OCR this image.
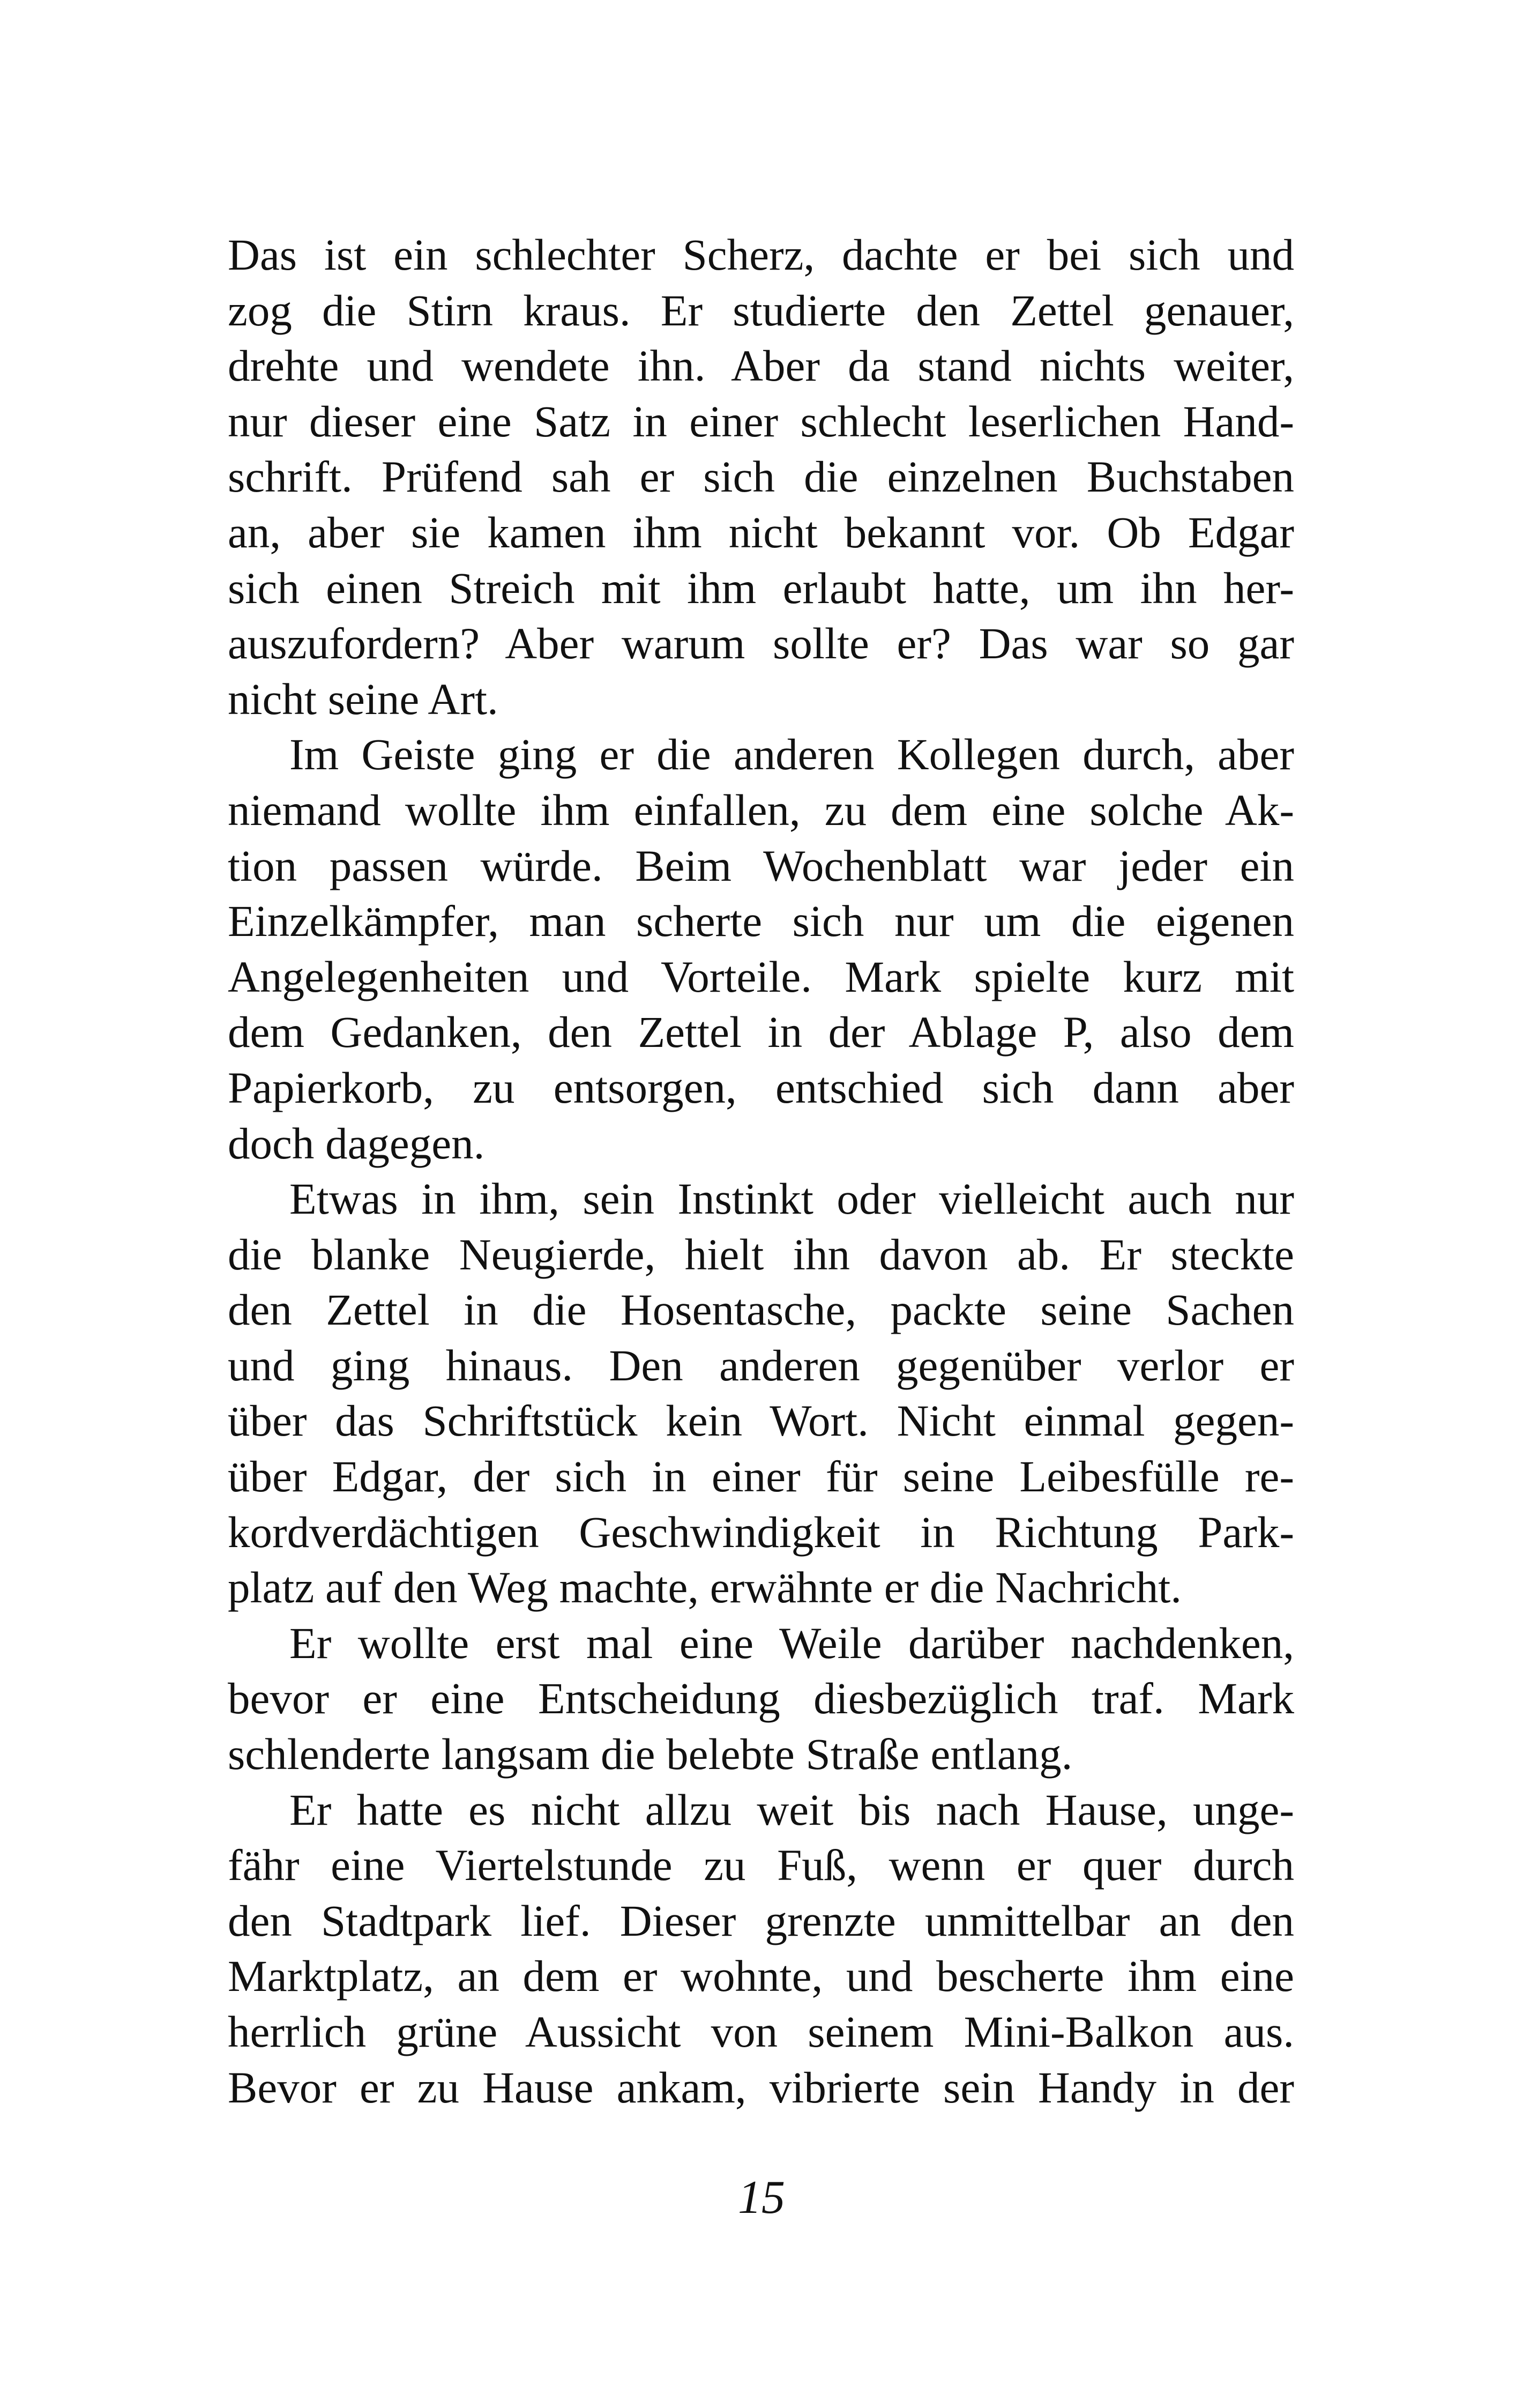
Das ist ein schlechter Scherz, dachte er bei sich und
zog die Stirn kraus. Er studierte den Zettel genauer,
drehte und wendete ihn. Aber da stand nichts weiter,
nur dieser eine Satz in einer schlecht leserlichen Hand-
schrift. Prüfend sah er sich die einzelnen Buchstaben
an, aber sie kamen ihm nicht bekannt vor. Ob Edgar
sich einen Streich mit ihm erlaubt hatte, um ihn her-
auszufordern? Aber warum sollte er? Das war so gar
nicht seine Art.
Im Geiste ging er die anderen Kollegen durch, aber
niemand wollte ihm einfallen, zu dem eine solche Ak-
tion passen würde. Beim Wochenblatt war jeder ein
Einzelkämpfer, man scherte sich nur um die eigenen
Angelegenheiten und Vorteile. Mark spielte kurz mit
dem Gedanken, den Zettel in der Ablage P, also dem
Papierkorb, zu entsorgen, entschied sich dann aber
doch dagegen.
Etwas in ihm, sein Instinkt oder vielleicht auch nur
die blanke Neugierde, hielt ihn davon ab. Er steckte
den Zettel in die Hosentasche, packte seine Sachen
und ging hinaus. Den anderen gegenüber verlor er
über das Schriftstück kein Wort. Nicht einmal gegen-
über Edgar, der sich in einer für seine Leibesfülle re-
kordverdächtigen Geschwindigkeit in Richtung Park-
platz auf den Weg machte, erwähnte er die Nachricht.
Er wollte erst mal eine Weile darüber nachdenken,
bevor er eine Entscheidung diesbezüglich traf. Mark
schlenderte langsam die belebte Straße entlang.
Er hatte es nicht allzu weit bis nach Hause, unge-
fähr eine Viertelstunde zu Fuß, wenn er quer durch
den Stadtpark lief. Dieser grenzte unmittelbar an den
Marktplatz, an dem er wohnte, und bescherte ihm eine
herrlich grüne Aussicht von seinem Mini-Balkon aus.
Bevor er zu Hause ankam, vibrierte sein Handy in der
15
